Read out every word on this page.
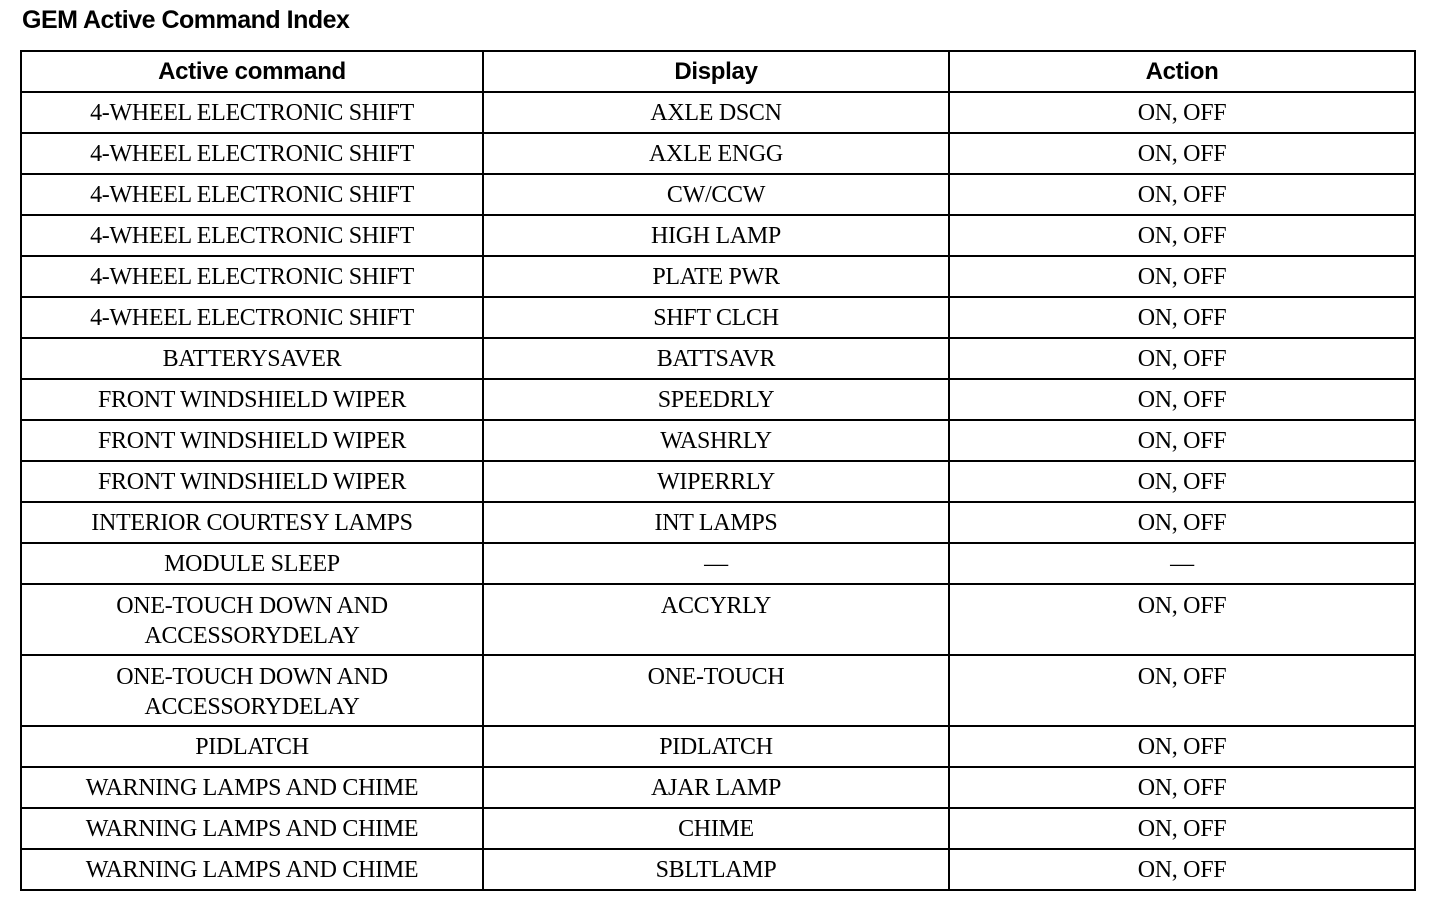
GEM Active Command Index
Active command	Display	Action
4-WHEEL ELECTRONIC SHIFT	AXLE DSCN	ON, OFF
4-WHEEL ELECTRONIC SHIFT	AXLE ENGG	ON, OFF
4-WHEEL ELECTRONIC SHIFT	CW/CCW	ON, OFF
4-WHEEL ELECTRONIC SHIFT	HIGH LAMP	ON, OFF
4-WHEEL ELECTRONIC SHIFT	PLATE PWR	ON, OFF
4-WHEEL ELECTRONIC SHIFT	SHFT CLCH	ON, OFF
BATTERYSAVER	BATTSAVR	ON, OFF
FRONT WINDSHIELD WIPER	SPEEDRLY	ON, OFF
FRONT WINDSHIELD WIPER	WASHRLY	ON, OFF
FRONT WINDSHIELD WIPER	WIPERRLY	ON, OFF
INTERIOR COURTESY LAMPS	INT LAMPS	ON, OFF
MODULE SLEEP	—	—
ONE-TOUCH DOWN AND
ACCESSORYDELAY	ACCYRLY	ON, OFF
ONE-TOUCH DOWN AND
ACCESSORYDELAY	ONE-TOUCH	ON, OFF
PIDLATCH	PIDLATCH	ON, OFF
WARNING LAMPS AND CHIME	AJAR LAMP	ON, OFF
WARNING LAMPS AND CHIME	CHIME	ON, OFF
WARNING LAMPS AND CHIME	SBLTLAMP	ON, OFF
